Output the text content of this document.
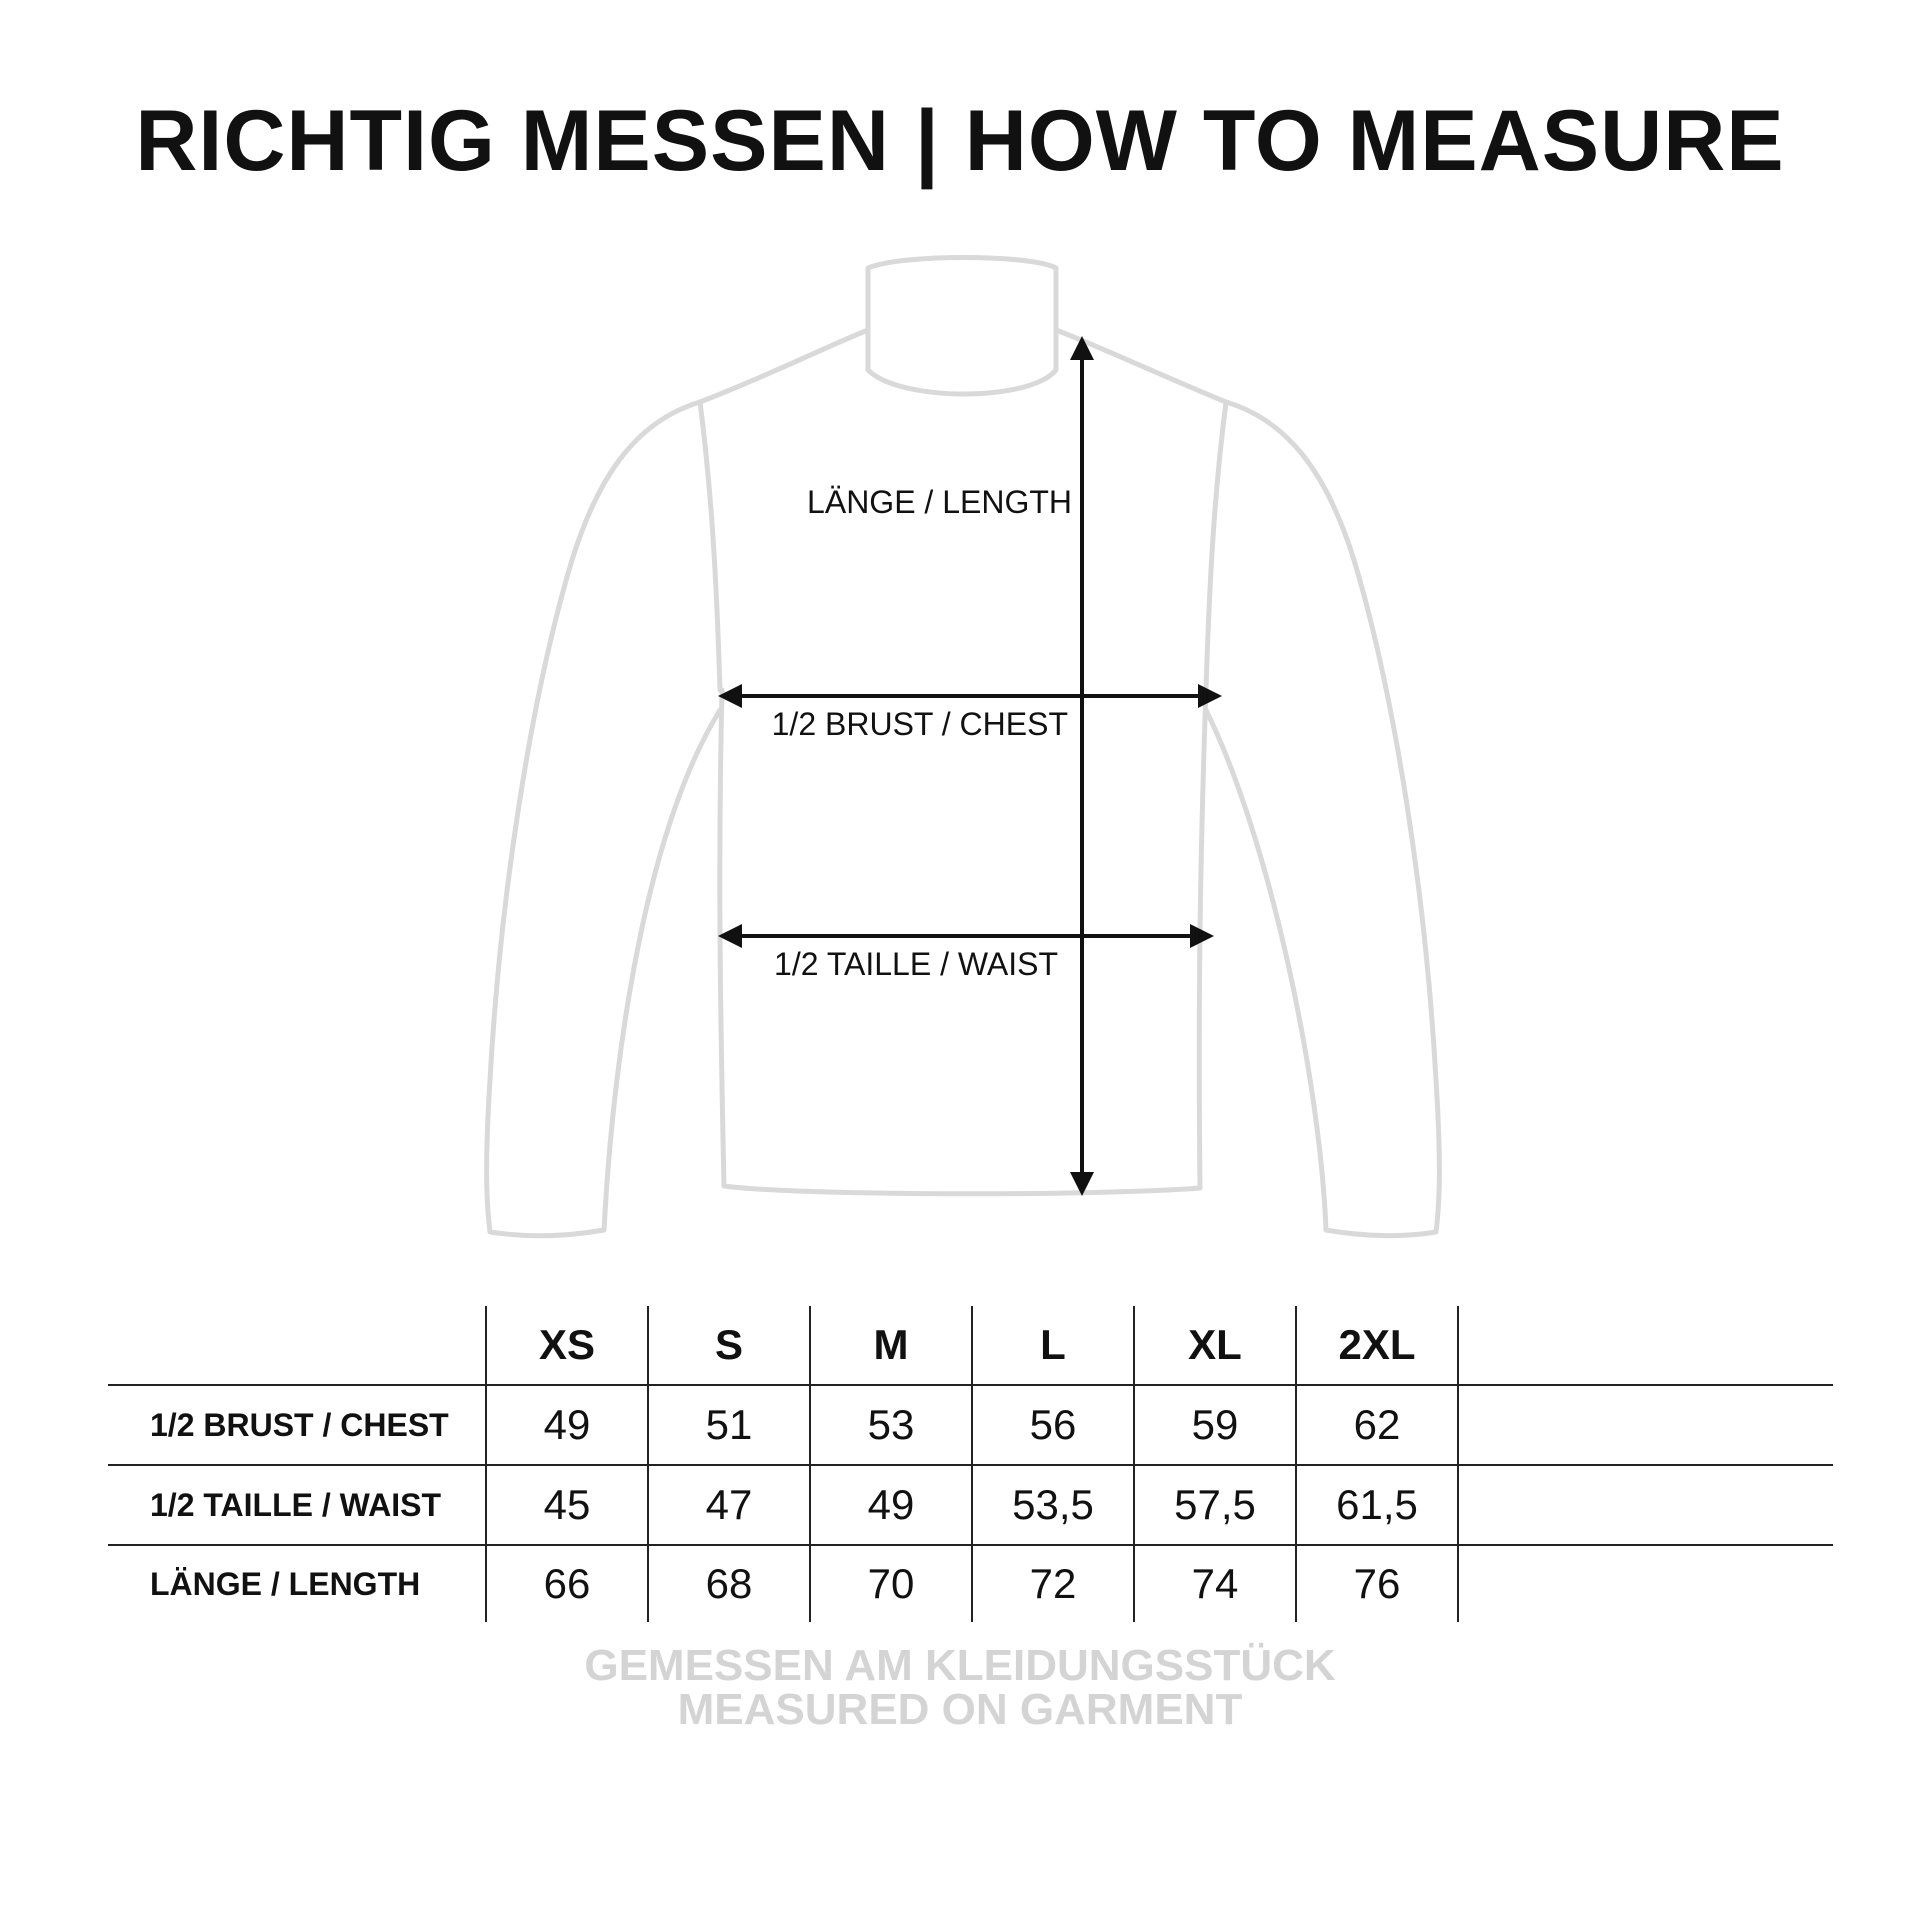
RICHTIG MESSEN | HOW TO MEASURE
LÄNGE / LENGTH
1/2 BRUST / CHEST
1/2 TAILLE / WAIST
	XS	S	M	L	XL	2XL	
1/2 BRUST / CHEST	49	51	53	56	59	62	
1/2 TAILLE / WAIST	45	47	49	53,5	57,5	61,5	
LÄNGE / LENGTH	66	68	70	72	74	76	
GEMESSEN AM KLEIDUNGSSTÜCK
MEASURED ON GARMENT
